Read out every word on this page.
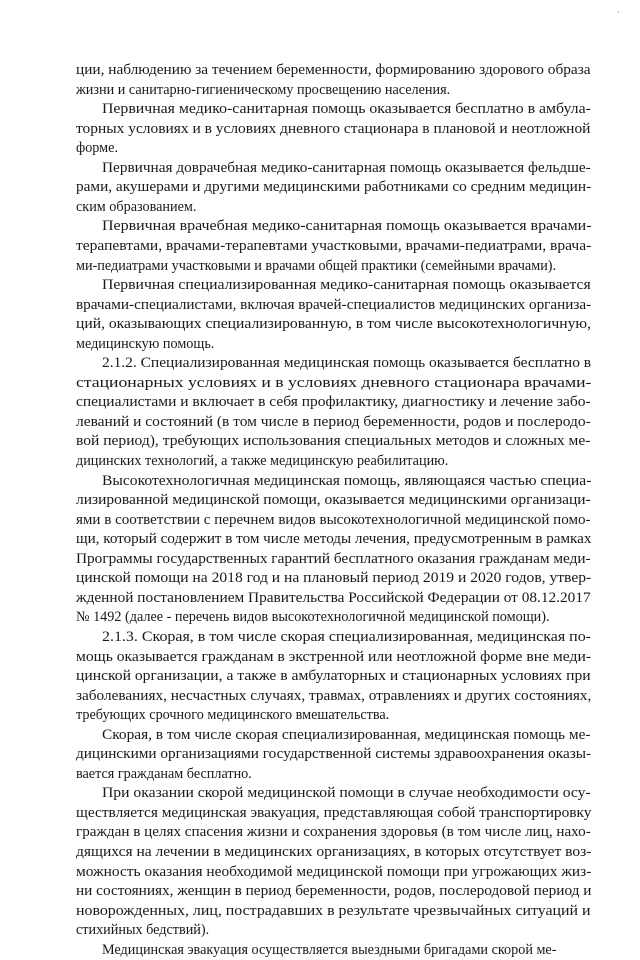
·
ции, наблюдению за течением беременности, формированию здорового образа
жизни и санитарно-гигиеническому просвещению населения.
Первичная медико-санитарная помощь оказывается бесплатно в амбула-
торных условиях и в условиях дневного стационара в плановой и неотложной
форме.
Первичная доврачебная медико-санитарная помощь оказывается фельдше-
рами, акушерами и другими медицинскими работниками со средним медицин-
ским образованием.
Первичная врачебная медико-санитарная помощь оказывается врачами-
терапевтами, врачами-терапевтами участковыми, врачами-педиатрами, врача-
ми-педиатрами участковыми и врачами общей практики (семейными врачами).
Первичная специализированная медико-санитарная помощь оказывается
врачами-специалистами, включая врачей-специалистов медицинских организа-
ций, оказывающих специализированную, в том числе высокотехнологичную,
медицинскую помощь.
2.1.2. Специализированная медицинская помощь оказывается бесплатно в
стационарных условиях и в условиях дневного стационара врачами-
специалистами и включает в себя профилактику, диагностику и лечение забо-
леваний и состояний (в том числе в период беременности, родов и послеродо-
вой период), требующих использования специальных методов и сложных ме-
дицинских технологий, а также медицинскую реабилитацию.
Высокотехнологичная медицинская помощь, являющаяся частью специа-
лизированной медицинской помощи, оказывается медицинскими организаци-
ями в соответствии с перечнем видов высокотехнологичной медицинской помо-
щи, который содержит в том числе методы лечения, предусмотренным в рамках
Программы государственных гарантий бесплатного оказания гражданам меди-
цинской помощи на 2018 год и на плановый период 2019 и 2020 годов, утвер-
жденной постановлением Правительства Российской Федерации от 08.12.2017
№ 1492 (далее - перечень видов высокотехнологичной медицинской помощи).
2.1.3. Скорая, в том числе скорая специализированная, медицинская по-
мощь оказывается гражданам в экстренной или неотложной форме вне меди-
цинской организации, а также в амбулаторных и стационарных условиях при
заболеваниях, несчастных случаях, травмах, отравлениях и других состояниях,
требующих срочного медицинского вмешательства.
Скорая, в том числе скорая специализированная, медицинская помощь ме-
дицинскими организациями государственной системы здравоохранения оказы-
вается гражданам бесплатно.
При оказании скорой медицинской помощи в случае необходимости осу-
ществляется медицинская эвакуация, представляющая собой транспортировку
граждан в целях спасения жизни и сохранения здоровья (в том числе лиц, нахо-
дящихся на лечении в медицинских организациях, в которых отсутствует воз-
можность оказания необходимой медицинской помощи при угрожающих жиз-
ни состояниях, женщин в период беременности, родов, послеродовой период и
новорожденных, лиц, пострадавших в результате чрезвычайных ситуаций и
стихийных бедствий).
Медицинская эвакуация осуществляется выездными бригадами скорой ме-
